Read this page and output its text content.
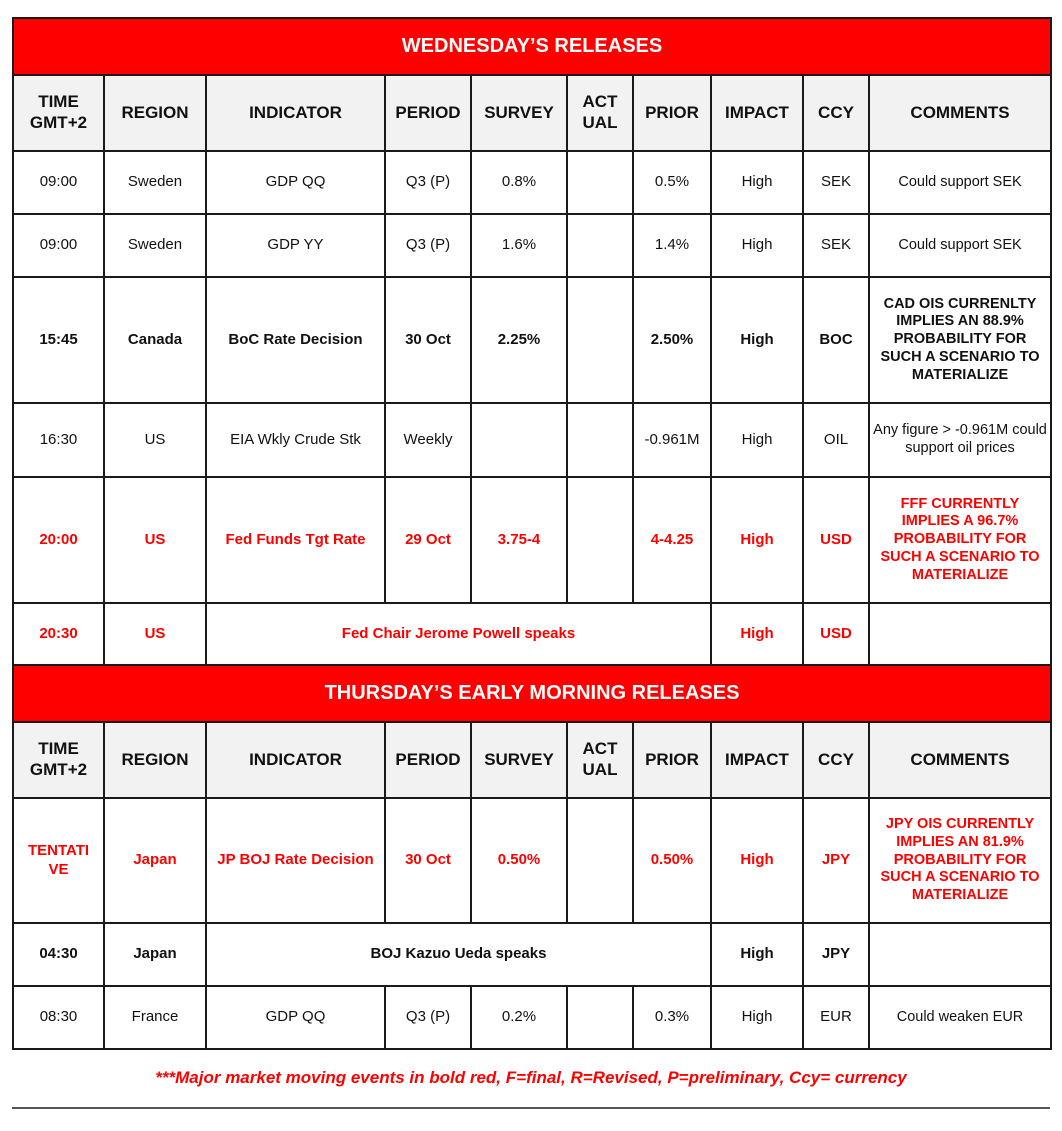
WEDNESDAY’S RELEASES									
TIME GMT+2	REGION	INDICATOR	PERIOD	SURVEY	ACT UAL	PRIOR	IMPACT	CCY	COMMENTS
09:00	Sweden	GDP QQ	Q3 (P)	0.8%		0.5%	High	SEK	Could support SEK
09:00	Sweden	GDP YY	Q3 (P)	1.6%		1.4%	High	SEK	Could support SEK
15:45	Canada	BoC Rate Decision	30 Oct	2.25%		2.50%	High	BOC	CAD OIS CURRENLTY IMPLIES AN 88.9% PROBABILITY FOR SUCH A SCENARIO TO MATERIALIZE
16:30	US	EIA Wkly Crude Stk	Weekly			-0.961M	High	OIL	Any figure > -0.961M could support oil prices
20:00	US	Fed Funds Tgt Rate	29 Oct	3.75-4		4-4.25	High	USD	FFF CURRENTLY IMPLIES A 96.7% PROBABILITY FOR SUCH A SCENARIO TO MATERIALIZE
20:30	US	Fed Chair Jerome Powell speaks					High	USD	
THURSDAY’S EARLY MORNING RELEASES									
TIME GMT+2	REGION	INDICATOR	PERIOD	SURVEY	ACT UAL	PRIOR	IMPACT	CCY	COMMENTS
TENTATI VE	Japan	JP BOJ Rate Decision	30 Oct	0.50%		0.50%	High	JPY	JPY OIS CURRENTLY IMPLIES AN 81.9% PROBABILITY FOR SUCH A SCENARIO TO MATERIALIZE
04:30	Japan	BOJ Kazuo Ueda speaks					High	JPY	
08:30	France	GDP QQ	Q3 (P)	0.2%		0.3%	High	EUR	Could weaken EUR
***Major market moving events in bold red, F=final, R=Revised, P=preliminary, Ccy= currency
